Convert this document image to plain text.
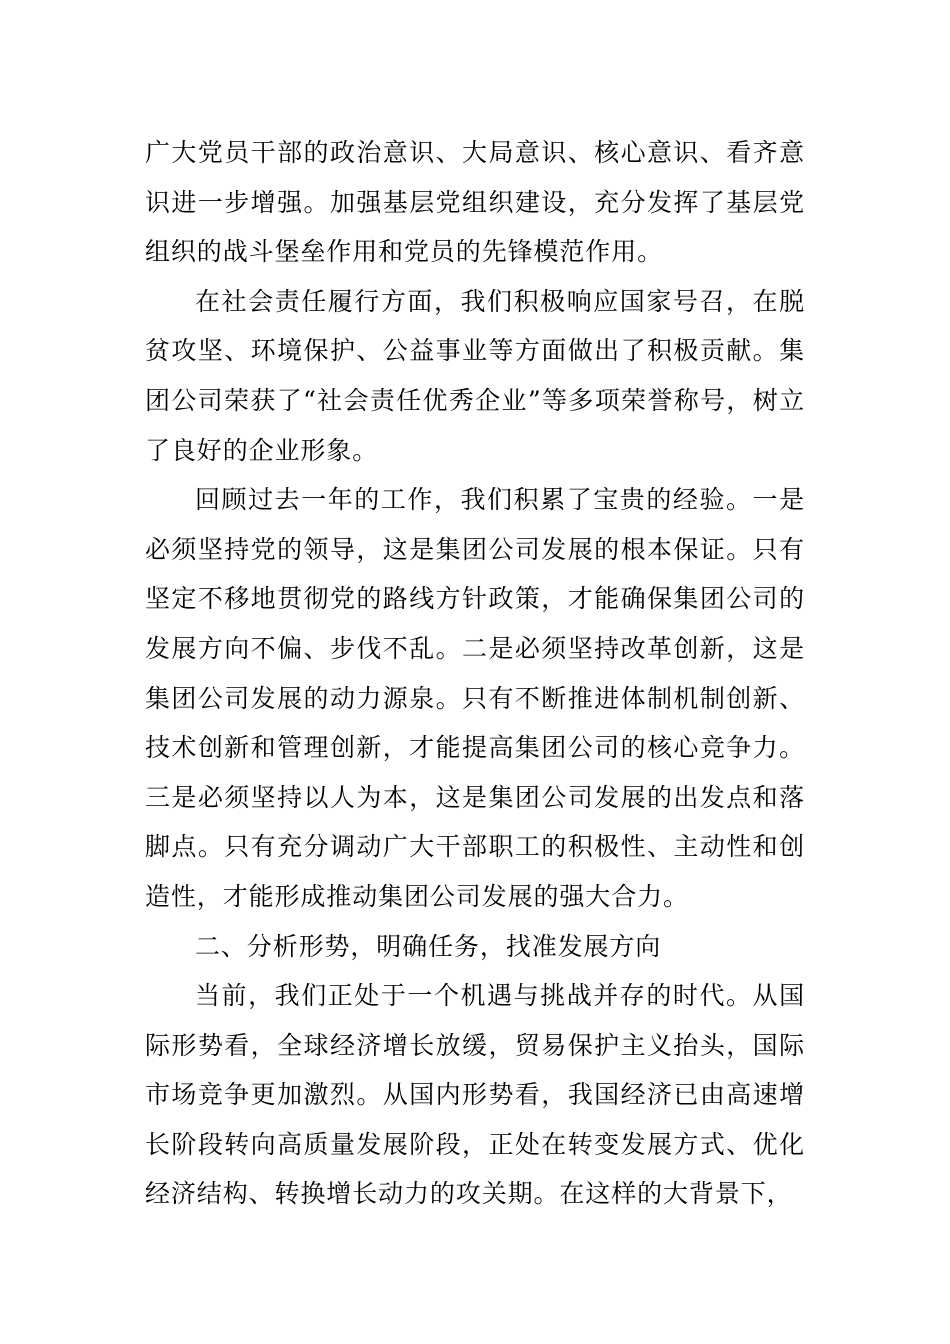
广大党员干部的政治意识、大局意识、核心意识、看齐意识进一步增强。加强基层党组织建设，充分发挥了基层党组织的战斗堡垒作用和党员的先锋模范作用。

在社会责任履行方面，我们积极响应国家号召，在脱贫攻坚、环境保护、公益事业等方面做出了积极贡献。集团公司荣获了“社会责任优秀企业”等多项荣誉称号，树立了良好的企业形象。

回顾过去一年的工作，我们积累了宝贵的经验。一是必须坚持党的领导，这是集团公司发展的根本保证。只有坚定不移地贯彻党的路线方针政策，才能确保集团公司的发展方向不偏、步伐不乱。二是必须坚持改革创新，这是集团公司发展的动力源泉。只有不断推进体制机制创新、技术创新和管理创新，才能提高集团公司的核心竞争力。三是必须坚持以人为本，这是集团公司发展的出发点和落脚点。只有充分调动广大干部职工的积极性、主动性和创造性，才能形成推动集团公司发展的强大合力。

二、分析形势，明确任务，找准发展方向

当前，我们正处于一个机遇与挑战并存的时代。从国际形势看，全球经济增长放缓，贸易保护主义抬头，国际市场竞争更加激烈。从国内形势看，我国经济已由高速增长阶段转向高质量发展阶段，正处在转变发展方式、优化经济结构、转换增长动力的攻关期。在这样的大背景下，
